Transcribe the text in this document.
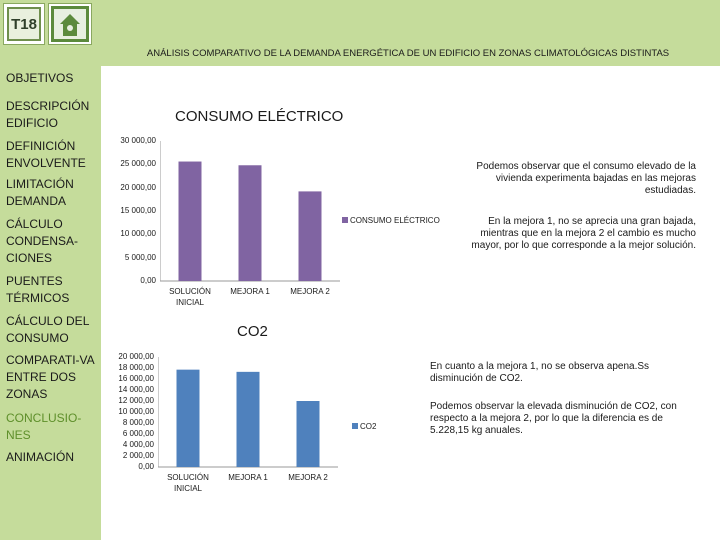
T18
ANÁLISIS COMPARATIVO DE LA DEMANDA ENERGÉTICA DE UN EDIFICIO EN ZONAS CLIMATOLÓGICAS DISTINTAS
OBJETIVOS
DESCRIPCIÓN EDIFICIO
DEFINICIÓN ENVOLVENTE
LIMITACIÓN DEMANDA
CÁLCULO CONDENSA-CIONES
PUENTES TÉRMICOS
CÁLCULO DEL CONSUMO
COMPARATI-VA ENTRE DOS ZONAS
CONCLUSIO-NES
ANIMACIÓN
CONSUMO ELÉCTRICO
0,00
5 000,00
10 000,00
15 000,00
20 000,00
25 000,00
30 000,00
SOLUCIÓN INICIAL
MEJORA 1	MEJORA 2
CONSUMO ELÉCTRICO
Podemos observar que el consumo elevado de la vivienda experimenta bajadas en las mejoras estudiadas.
En la mejora 1, no se aprecia una gran bajada, mientras que en la mejora 2 el cambio es mucho mayor, por lo que corresponde a la mejor solución.
CO2
0,00
2 000,00
4 000,00
6 000,00
8 000,00
10 000,00
12 000,00
14 000,00
16 000,00
18 000,00
20 000,00
SOLUCIÓN INICIAL
MEJORA 1	MEJORA 2
CO2
En cuanto a la mejora 1, no se observa apena.Ss disminución de CO2.
Podemos observar la elevada disminución de CO2, con respecto a la mejora 2, por lo que la diferencia es de 5.228,15 kg anuales.
